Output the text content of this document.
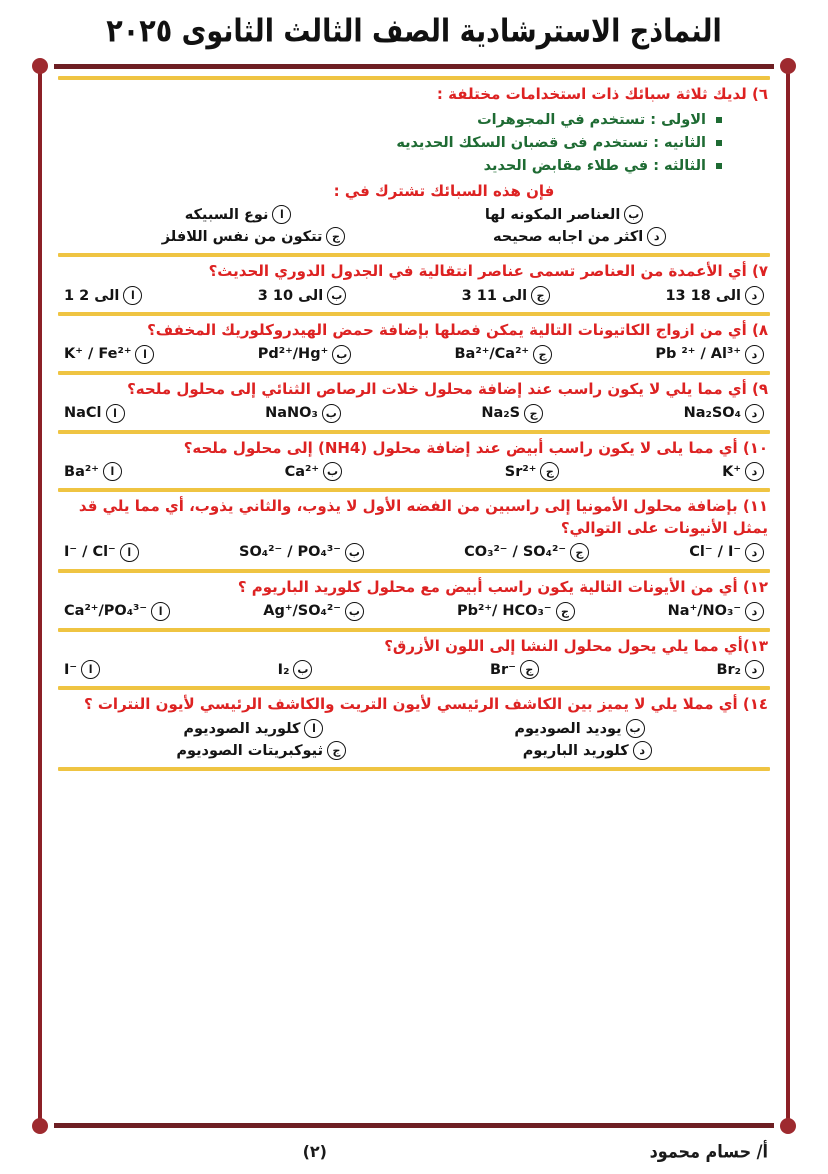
النماذج الاسترشادية الصف الثالث الثانوى ٢٠٢٥
٦) لديك ثلاثة سبائك ذات استخدامات مختلفة :
الاولى : تستخدم في المجوهرات
الثانيه : تستخدم فى قضبان السكك الحديديه
الثالثه : في طلاء مقابض الحديد
فإن هذه السبائك تشترك في :
ب
العناصر المكونه لها
ا
نوع السبيكه
د
اكثر من اجابه صحيحه
ج
تتكون من نفس اللافلز
٧) أي الأعمدة من العناصر تسمى عناصر انتقالية في الجدول الدوري الحديث؟
د
13 الى 18
ج
3 الى 11
ب
3 الى 10
ا
1 الى 2
٨) أي من ازواج الكاتيونات التالية يمكن فصلها بإضافة حمض الهيدروكلوريك المخفف؟
د
Pb ²⁺ / Al³⁺
ج
Ba²⁺/Ca²⁺
ب
Pd²⁺/Hg⁺
ا
K⁺ / Fe²⁺
٩) أي مما يلي لا يكون راسب عند إضافة محلول خلات الرصاص الثنائي إلى محلول ملحه؟
د
Na₂SO₄
ج
Na₂S
ب
NaNO₃
ا
NaCl
١٠) أي مما يلى لا يكون راسب أبيض عند إضافة محلول (NH4) إلى محلول ملحه؟
د
K⁺
ج
Sr²⁺
ب
Ca²⁺
ا
Ba²⁺
١١) بإضافة محلول الأمونيا إلى راسبين من الفضه الأول لا يذوب، والثاني يذوب، أي مما يلي قد يمثل الأنيونات على التوالي؟
د
Cl⁻ / I⁻
ج
CO₃²⁻ / SO₄²⁻
ب
SO₄²⁻ / PO₄³⁻
ا
I⁻ / Cl⁻
١٢) أي من الأيونات التالية يكون راسب أبيض مع محلول كلوريد الباريوم ؟
د
Na⁺/NO₃⁻
ج
Pb²⁺/ HCO₃⁻
ب
Ag⁺/SO₄²⁻
ا
Ca²⁺/PO₄³⁻
١٣)أي مما يلي يحول محلول النشا إلى اللون الأزرق؟
د
Br₂
ج
Br⁻
ب
I₂
ا
I⁻
١٤) أي مملا يلي لا يميز بين الكاشف الرئيسي لأيون التريت والكاشف الرئيسي لأيون النترات ؟
ب
يوديد الصوديوم
ا
كلوريد الصوديوم
د
كلوريد الباريوم
ج
ثيوكبريتات الصوديوم
أ/ حسام محمود
(٢)
